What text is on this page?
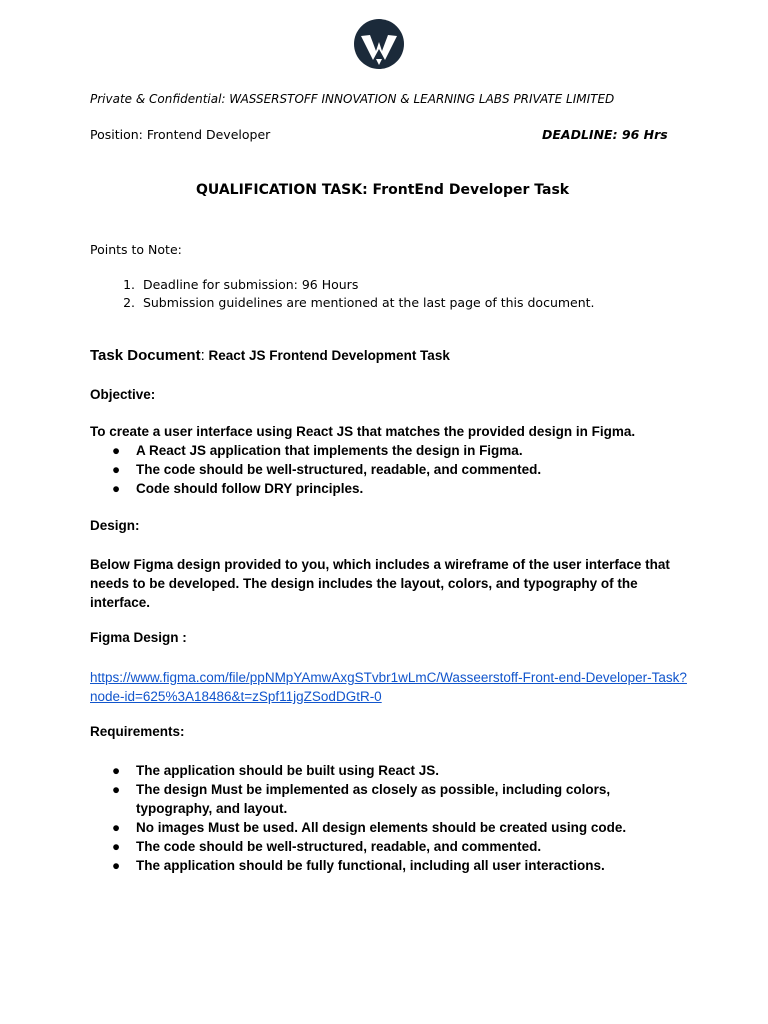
Private & Confidential: WASSERSTOFF INNOVATION & LEARNING LABS PRIVATE LIMITED
Position: Frontend Developer	DEADLINE: 96 Hrs
QUALIFICATION TASK: FrontEnd Developer Task
Points to Note:
1. Deadline for submission: 96 Hours
2. Submission guidelines are mentioned at the last page of this document.
Task Document: React JS Frontend Development Task
Objective:
To create a user interface using React JS that matches the provided design in Figma.
● A React JS application that implements the design in Figma.
● The code should be well-structured, readable, and commented.
● Code should follow DRY principles.
Design:
Below Figma design provided to you, which includes a wireframe of the user interface that needs to be developed. The design includes the layout, colors, and typography of the interface.
Figma Design :
https://www.figma.com/file/ppNMpYAmwAxgSTvbr1wLmC/Wasseerstoff-Front-end-Developer-Task?node-id=625%3A18486&t=zSpf11jgZSodDGtR-0
Requirements:
● The application should be built using React JS.
● The design Must be implemented as closely as possible, including colors,
typography, and layout.
● No images Must be used. All design elements should be created using code.
● The code should be well-structured, readable, and commented.
● The application should be fully functional, including all user interactions.
